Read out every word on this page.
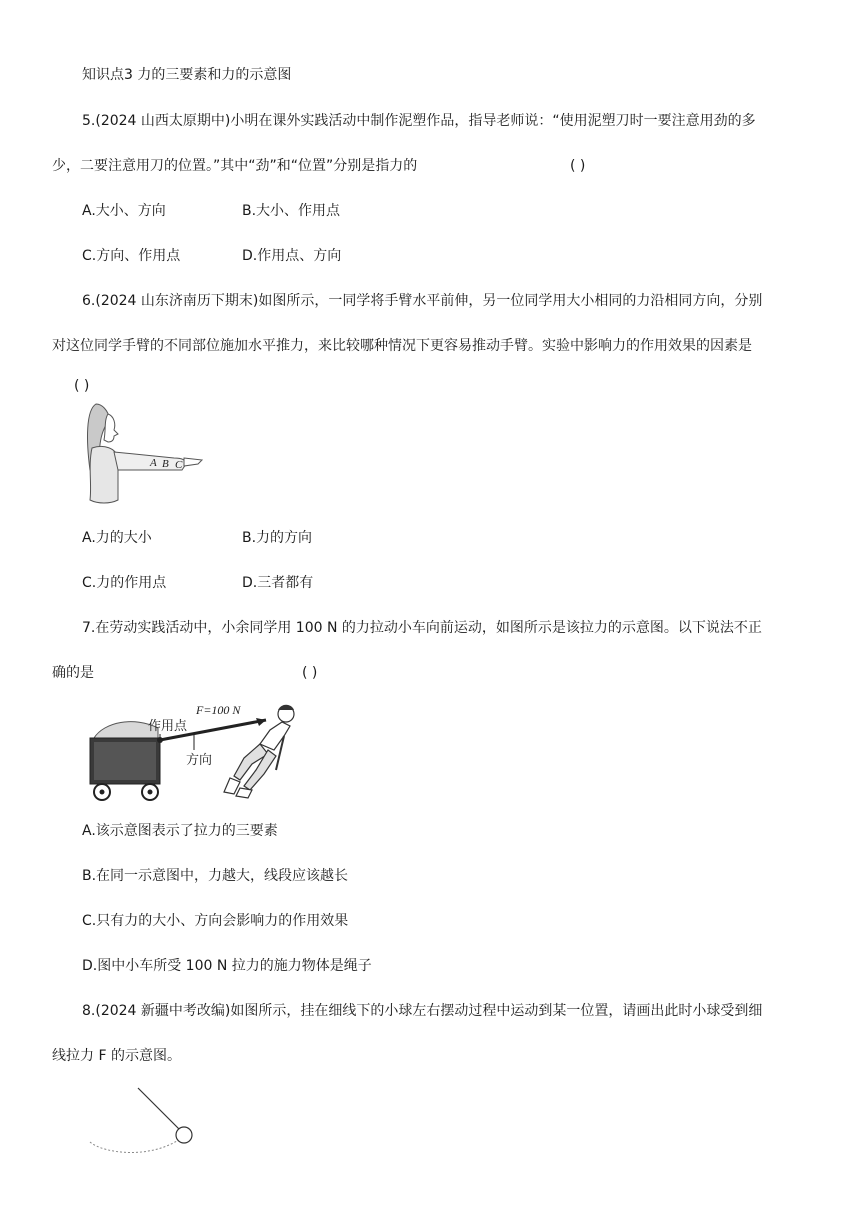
知识点3 力的三要素和力的示意图
5.(2024 山西太原期中)小明在课外实践活动中制作泥塑作品，指导老师说：“使用泥塑刀时一要注意用劲的多
少，二要注意用刀的位置。”其中“劲”和“位置”分别是指力的	( )
A.大小、方向	B.大小、作用点
C.方向、作用点	D.作用点、方向
6.(2024 山东济南历下期末)如图所示，一同学将手臂水平前伸，另一位同学用大小相同的力沿相同方向，分别
对这位同学手臂的不同部位施加水平推力，来比较哪种情况下更容易推动手臂。实验中影响力的作用效果的因素是
( )
A B C
A.力的大小	B.力的方向
C.力的作用点	D.三者都有
7.在劳动实践活动中，小余同学用 100 N 的力拉动小车向前运动，如图所示是该拉力的示意图。以下说法不正
确的是	( )
作用点
F=100 N
方向
A.该示意图表示了拉力的三要素
B.在同一示意图中，力越大，线段应该越长
C.只有力的大小、方向会影响力的作用效果
D.图中小车所受 100 N 拉力的施力物体是绳子
8.(2024 新疆中考改编)如图所示，挂在细线下的小球左右摆动过程中运动到某一位置，请画出此时小球受到细
线拉力 F 的示意图。
